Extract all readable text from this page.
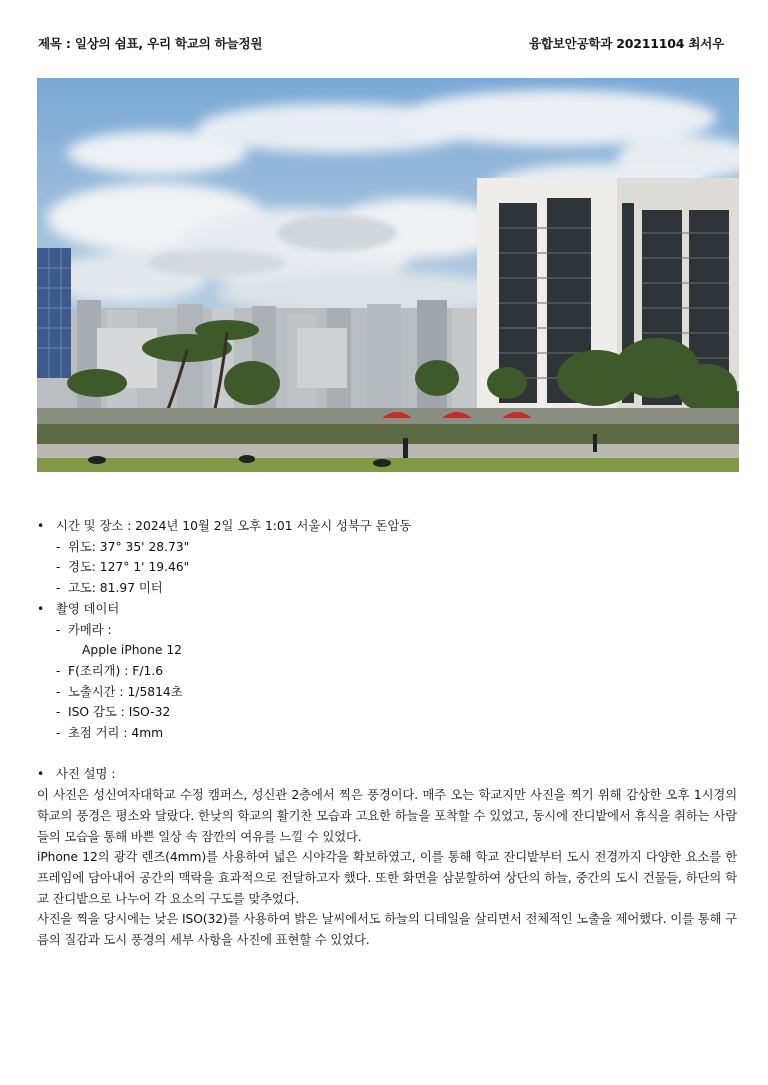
제목 : 일상의 쉼표, 우리 학교의 하늘정원	융합보안공학과 20211104 최서우
• 시간 및 장소 : 2024년 10월 2일 오후 1:01 서울시 성북구 돈암동
- 위도: 37° 35' 28.73"
- 경도: 127° 1' 19.46"
- 고도: 81.97 미터
• 촬영 데이터
- 카메라 :
Apple iPhone 12
- F(조리개) : F/1.6
- 노출시간 : 1/5814초
- ISO 감도 : ISO-32
- 초점 거리 : 4mm
• 사진 설명 :
이 사진은 성신여자대학교 수정 캠퍼스, 성신관 2층에서 찍은 풍경이다. 매주 오는 학교지만 사진을 찍기 위해 감상한 오후 1시경의 학교의 풍경은 평소와 달랐다. 한낮의 학교의 활기찬 모습과 고요한 하늘을 포착할 수 있었고, 동시에 잔디밭에서 휴식을 취하는 사람들의 모습을 통해 바쁜 일상 속 잠깐의 여유를 느낄 수 있었다.
iPhone 12의 광각 렌즈(4mm)를 사용하여 넓은 시야각을 확보하였고, 이를 통해 학교 잔디밭부터 도시 전경까지 다양한 요소를 한 프레임에 담아내어 공간의 맥락을 효과적으로 전달하고자 했다. 또한 화면을 삼분할하여 상단의 하늘, 중간의 도시 건물들, 하단의 학교 잔디밭으로 나누어 각 요소의 구도를 맞추었다.
사진을 찍을 당시에는 낮은 ISO(32)를 사용하여 밝은 날씨에서도 하늘의 디테일을 살리면서 전체적인 노출을 제어했다. 이를 통해 구름의 질감과 도시 풍경의 세부 사항을 사진에 표현할 수 있었다.
